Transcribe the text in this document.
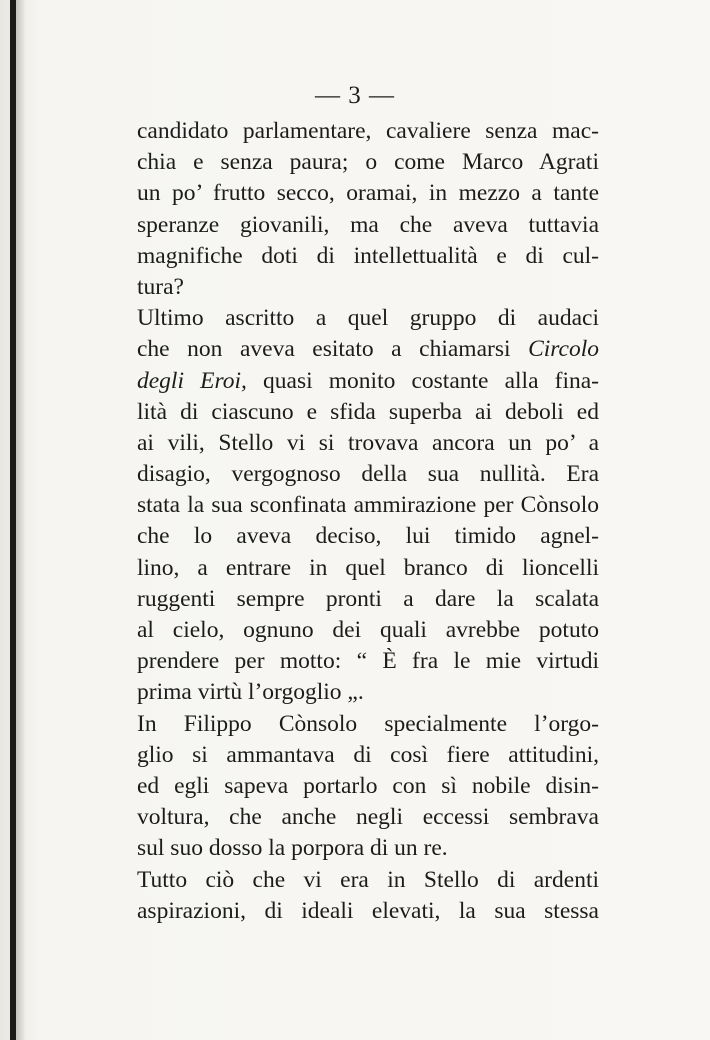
— 3 —
candidato parlamentare, cavaliere senza mac-
chia e senza paura; o come Marco Agrati
un po’ frutto secco, oramai, in mezzo a tante
speranze giovanili, ma che aveva tuttavia
magnifiche doti di intellettualità e di cul-
tura?
Ultimo ascritto a quel gruppo di audaci
che non aveva esitato a chiamarsi Circolo
degli Eroi, quasi monito costante alla fina-
lità di ciascuno e sfida superba ai deboli ed
ai vili, Stello vi si trovava ancora un po’ a
disagio, vergognoso della sua nullità. Era
stata la sua sconfinata ammirazione per Cònsolo
che lo aveva deciso, lui timido agnel-
lino, a entrare in quel branco di lioncelli
ruggenti sempre pronti a dare la scalata
al cielo, ognuno dei quali avrebbe potuto
prendere per motto: “ È fra le mie virtudi
prima virtù l’orgoglio „.
In Filippo Cònsolo specialmente l’orgo-
glio si ammantava di così fiere attitudini,
ed egli sapeva portarlo con sì nobile disin-
voltura, che anche negli eccessi sembrava
sul suo dosso la porpora di un re.
Tutto ciò che vi era in Stello di ardenti
aspirazioni, di ideali elevati, la sua stessa
